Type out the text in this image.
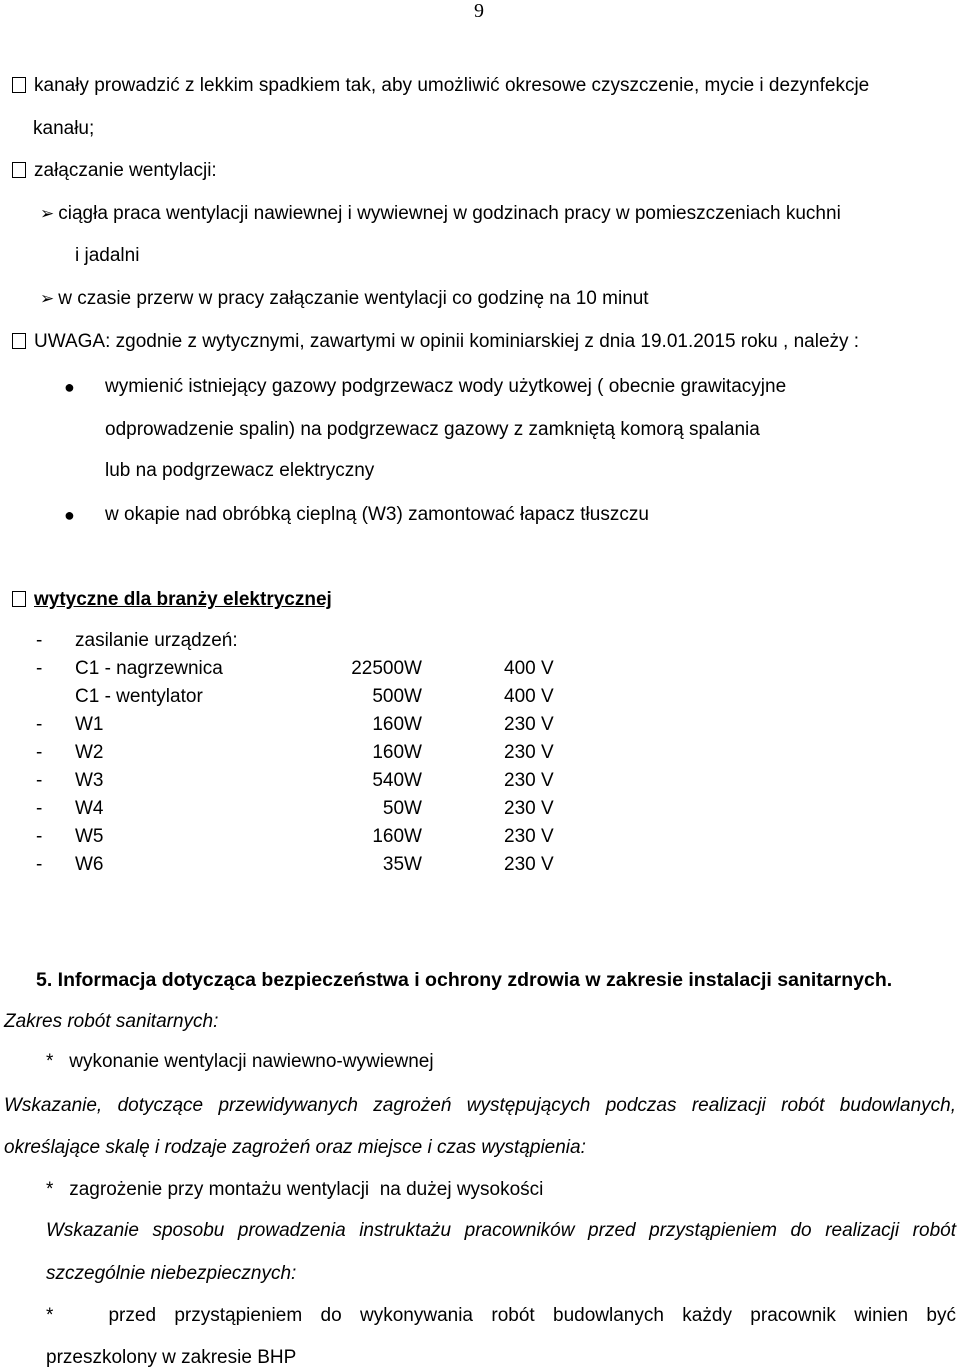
9
kanały prowadzić z lekkim spadkiem tak, aby umożliwić okresowe czyszczenie, mycie i dezynfekcje
kanału;
załączanie wentylacji:
➢ ciągła praca wentylacji nawiewnej i wywiewnej w godzinach pracy w pomieszczeniach kuchni
i jadalni
➢ w czasie przerw w pracy załączanie wentylacji co godzinę na 10 minut
UWAGA: zgodnie z wytycznymi, zawartymi w opinii kominiarskiej z dnia 19.01.2015 roku , należy :
● wymienić istniejący gazowy podgrzewacz wody użytkowej ( obecnie grawitacyjne
odprowadzenie spalin) na podgrzewacz gazowy z zamkniętą komorą spalania
lub na podgrzewacz elektryczny
● w okapie nad obróbką cieplną (W3) zamontować łapacz tłuszczu
wytyczne dla branży elektrycznej
- zasilanie urządzeń:
- C1 - nagrzewnica	22500W	400 V
C1 - wentylator	500W	400 V
- W1	160W	230 V
- W2	160W	230 V
- W3	540W	230 V
- W4	50W	230 V
- W5	160W	230 V
- W6	35W	230 V
5. Informacja dotycząca bezpieczeństwa i ochrony zdrowia w zakresie instalacji sanitarnych.
Zakres robót sanitarnych:
*   wykonanie wentylacji nawiewno-wywiewnej
Wskazanie, dotyczące przewidywanych zagrożeń występujących podczas realizacji robót budowlanych,
określające skalę i rodzaje zagrożeń oraz miejsce i czas wystąpienia:
*   zagrożenie przy montażu wentylacji  na dużej wysokości
Wskazanie sposobu prowadzenia instruktażu pracowników przed przystąpieniem do realizacji robót
szczególnie niebezpiecznych:
*   przed przystąpieniem do wykonywania robót budowlanych każdy pracownik winien być
przeszkolony w zakresie BHP
